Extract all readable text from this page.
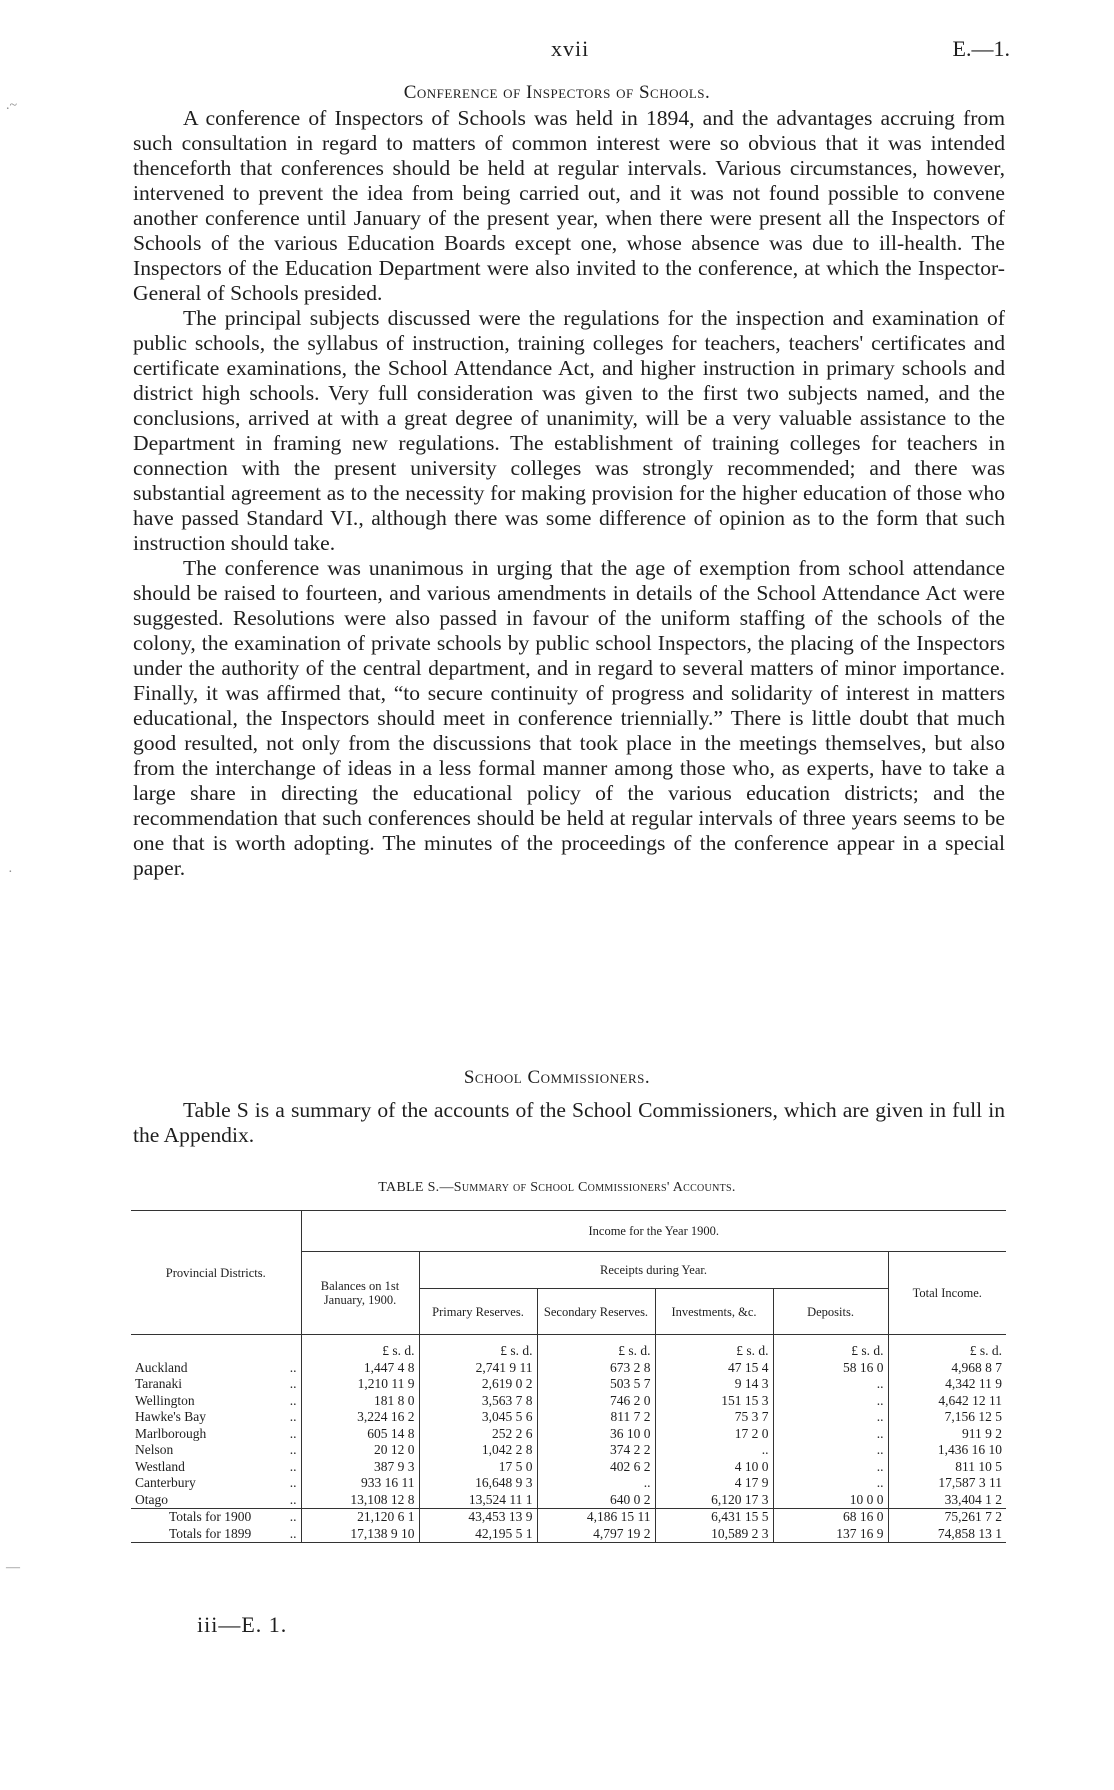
xvii	E.—1.
Conference of Inspectors of Schools.

A conference of Inspectors of Schools was held in 1894, and the advantages accruing from such consultation in regard to matters of common interest were so obvious that it was intended thenceforth that conferences should be held at regular intervals. Various circumstances, however, intervened to prevent the idea from being carried out, and it was not found possible to convene another conference until January of the present year, when there were present all the Inspectors of Schools of the various Education Boards except one, whose absence was due to ill-health. The Inspectors of the Education Department were also invited to the conference, at which the Inspector-General of Schools presided.

The principal subjects discussed were the regulations for the inspection and examination of public schools, the syllabus of instruction, training colleges for teachers, teachers' certificates and certificate examinations, the School Attendance Act, and higher instruction in primary schools and district high schools. Very full consideration was given to the first two subjects named, and the conclusions, arrived at with a great degree of unanimity, will be a very valuable assistance to the Department in framing new regulations. The establishment of training colleges for teachers in connection with the present university colleges was strongly recommended; and there was substantial agreement as to the necessity for making provision for the higher education of those who have passed Standard VI., although there was some difference of opinion as to the form that such instruction should take.

The conference was unanimous in urging that the age of exemption from school attendance should be raised to fourteen, and various amendments in details of the School Attendance Act were suggested. Resolutions were also passed in favour of the uniform staffing of the schools of the colony, the examination of private schools by public school Inspectors, the placing of the Inspectors under the authority of the central department, and in regard to several matters of minor importance. Finally, it was affirmed that, “to secure continuity of progress and solidarity of interest in matters educational, the Inspectors should meet in conference triennially.” There is little doubt that much good resulted, not only from the discussions that took place in the meetings themselves, but also from the interchange of ideas in a less formal manner among those who, as experts, have to take a large share in directing the educational policy of the various education districts; and the recommendation that such conferences should be held at regular intervals of three years seems to be one that is worth adopting. The minutes of the proceedings of the conference appear in a special paper.

School Commissioners.

Table S is a summary of the accounts of the School Commissioners, which are given in full in the Appendix.

TABLE S.—Summary of School Commissioners' Accounts.
Provincial Districts.	Income for the Year 1900.					
	Balances on 1st January, 1900.	Receipts during Year.				Total Income.
		Primary Reserves.	Secondary Reserves.	Investments, &c.	Deposits.	

	£ s. d.	£ s. d.	£ s. d.	£ s. d.	£ s. d.	£ s. d.
Auckland ..	1,447 4 8	2,741 9 11	673 2 8	47 15 4	58 16 0	4,968 8 7
Taranaki ..	1,210 11 9	2,619 0 2	503 5 7	9 14 3	..	4,342 11 9
Wellington ..	181 8 0	3,563 7 8	746 2 0	151 15 3	..	4,642 12 11
Hawke's Bay ..	3,224 16 2	3,045 5 6	811 7 2	75 3 7	..	7,156 12 5
Marlborough ..	605 14 8	252 2 6	36 10 0	17 2 0	..	911 9 2
Nelson ..	20 12 0	1,042 2 8	374 2 2	..	..	1,436 16 10
Westland ..	387 9 3	17 5 0	402 6 2	4 10 0	..	811 10 5
Canterbury ..	933 16 11	16,648 9 3	..	4 17 9	..	17,587 3 11
Otago ..	13,108 12 8	13,524 11 1	640 0 2	6,120 17 3	10 0 0	33,404 1 2
Totals for 1900 ..	21,120 6 1	43,453 13 9	4,186 15 11	6,431 15 5	68 16 0	75,261 7 2
Totals for 1899 ..	17,138 9 10	42,195 5 1	4,797 19 2	10,589 2 3	137 16 9	74,858 13 1
iii—E. 1.
.~
·
—
